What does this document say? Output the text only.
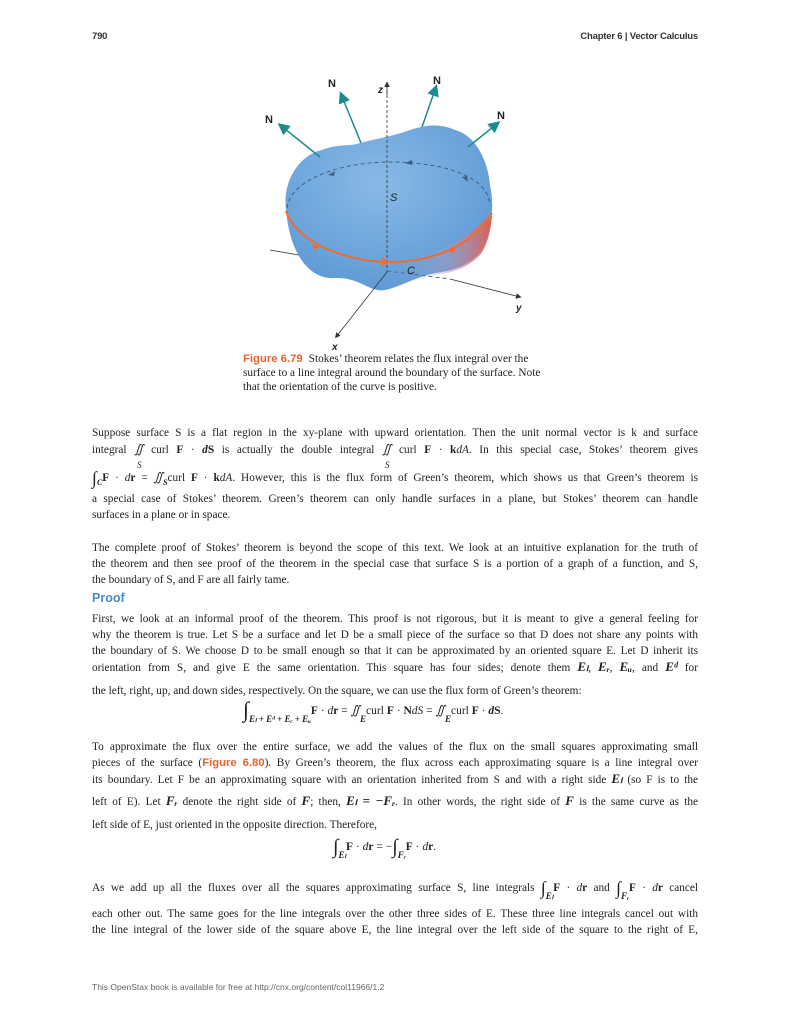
790	Chapter 6 | Vector Calculus
N
N	N
N
z
S
C
y
x
Figure 6.79 Stokes’ theorem relates the flux integral over the surface to a line integral around the boundary of the surface. Note that the orientation of the curve is positive.
Suppose surface S is a flat region in the xy-plane with upward orientation. Then the unit normal vector is k and surface
integral ∬
S
curl F · dS is actually the double integral ∬
S
curl F · kdA. In this special case, Stokes’ theorem gives
$\int_CF$ · dr = $∬_Scurl$ F · kdA. However, this is the flux form of Green’s theorem, which shows us that Green’s theorem is
a special case of Stokes’ theorem. Green’s theorem can only handle surfaces in a plane, but Stokes’ theorem can handle
surfaces in a plane or in space.
The complete proof of Stokes’ theorem is beyond the scope of this text. We look at an intuitive explanation for the truth of
the theorem and then see proof of the theorem in the special case that surface S is a portion of a graph of a function, and S,
the boundary of S, and F are all fairly tame.
Proof
First, we look at an informal proof of the theorem. This proof is not rigorous, but it is meant to give a general feeling for
why the theorem is true. Let S be a surface and let D be a small piece of the surface so that D does not share any points with
the boundary of S. We choose D to be small enough so that it can be approximated by an oriented square E. Let D inherit its
orientation from S, and give E the same orientation. This square has four sides; denote them Eₗ, Eᵣ, Eᵤ, and Eᵈ for
the left, right, up, and down sides, respectively. On the square, we can use the flux form of Green’s theorem:
∫Eₗ + Eᵈ + Eᵣ + EᵤF · dr = ∬Ecurl F · NdS = ∬Ecurl F · dS.
To approximate the flux over the entire surface, we add the values of the flux on the small squares approximating small
pieces of the surface (Figure 6.80). By Green’s theorem, the flux across each approximating square is a line integral over
its boundary. Let F be an approximating square with an orientation inherited from S and with a right side Eₗ (so F is to the
left of E). Let Fᵣ denote the right side of F; then, Eₗ = −Fᵣ. In other words, the right side of F is the same curve as the
left side of E, just oriented in the opposite direction. Therefore,
∫EₗF · dr = −∫FᵣF · dr.
As we add up all the fluxes over all the squares approximating surface S, line integrals ∫EₗF · dr and ∫FᵣF · dr cancel
each other out. The same goes for the line integrals over the other three sides of E. These three line integrals cancel out with
the line integral of the lower side of the square above E, the line integral over the left side of the square to the right of E,
This OpenStax book is available for free at http://cnx.org/content/col11966/1.2
